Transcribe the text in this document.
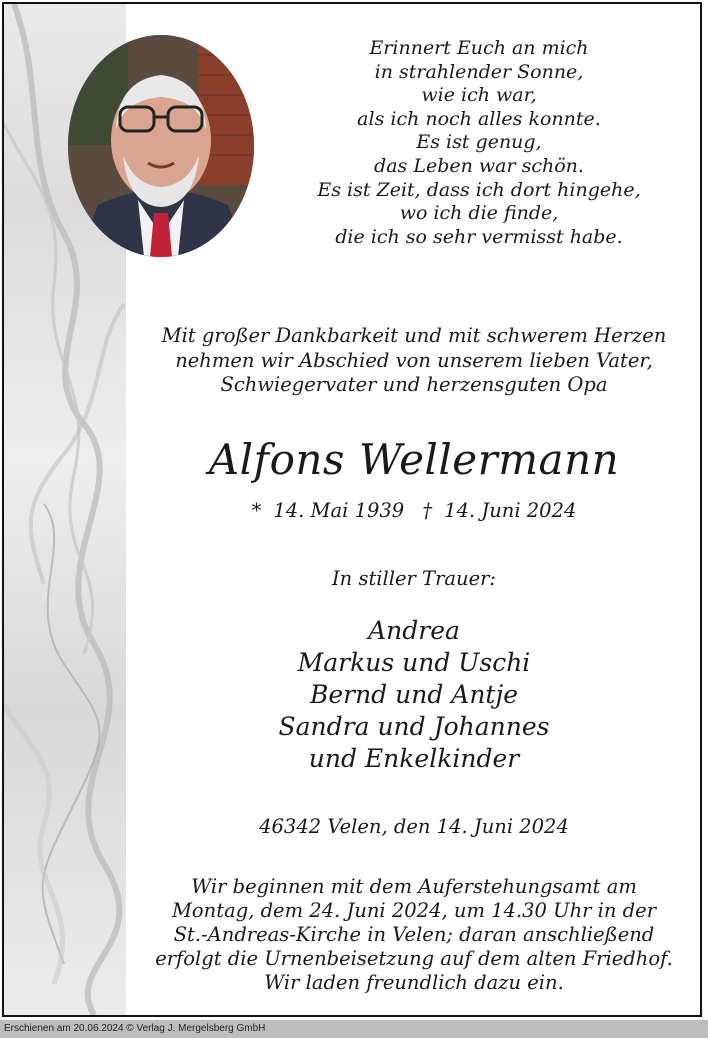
Erinnert Euch an mich
in strahlender Sonne,
wie ich war,
als ich noch alles konnte.
Es ist genug,
das Leben war schön.
Es ist Zeit, dass ich dort hingehe,
wo ich die finde,
die ich so sehr vermisst habe.
Mit großer Dankbarkeit und mit schwerem Herzen
nehmen wir Abschied von unserem lieben Vater,
Schwiegervater und herzensguten Opa
Alfons Wellermann
* 14. Mai 1939 † 14. Juni 2024
In stiller Trauer:
Andrea
Markus und Uschi
Bernd und Antje
Sandra und Johannes
und Enkelkinder
46342 Velen, den 14. Juni 2024
Wir beginnen mit dem Auferstehungsamt am
Montag, dem 24. Juni 2024, um 14.30 Uhr in der
St.-Andreas-Kirche in Velen; daran anschließend
erfolgt die Urnenbeisetzung auf dem alten Friedhof.
Wir laden freundlich dazu ein.
Erschienen am 20.06.2024 © Verlag J. Mergelsberg GmbH
